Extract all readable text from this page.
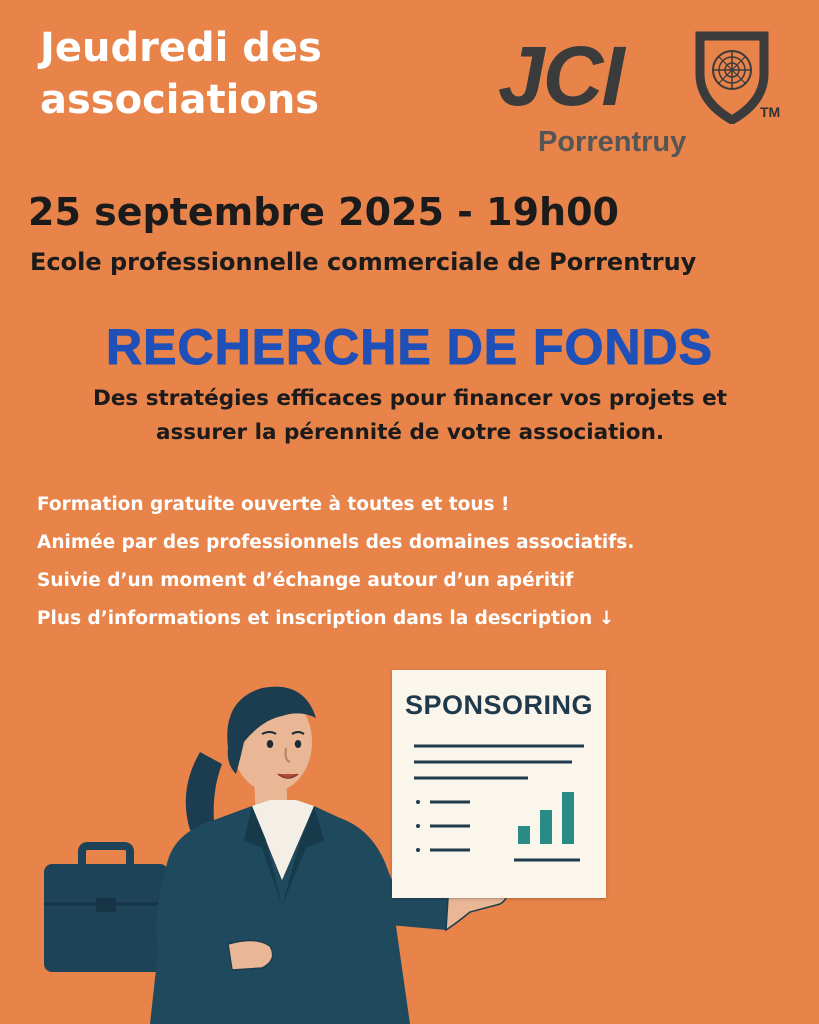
Jeudredi des
associations	JCI	TM
Porrentruy
25 septembre 2025 - 19h00
Ecole professionnelle commerciale de Porrentruy
RECHERCHE DE FONDS
Des stratégies efficaces pour financer vos projets et
assurer la pérennité de votre association.
Formation gratuite ouverte à toutes et tous !
Animée par des professionnels des domaines associatifs.
Suivie d’un moment d’échange autour d’un apéritif
Plus d’informations et inscription dans la description ↓
SPONSORING
